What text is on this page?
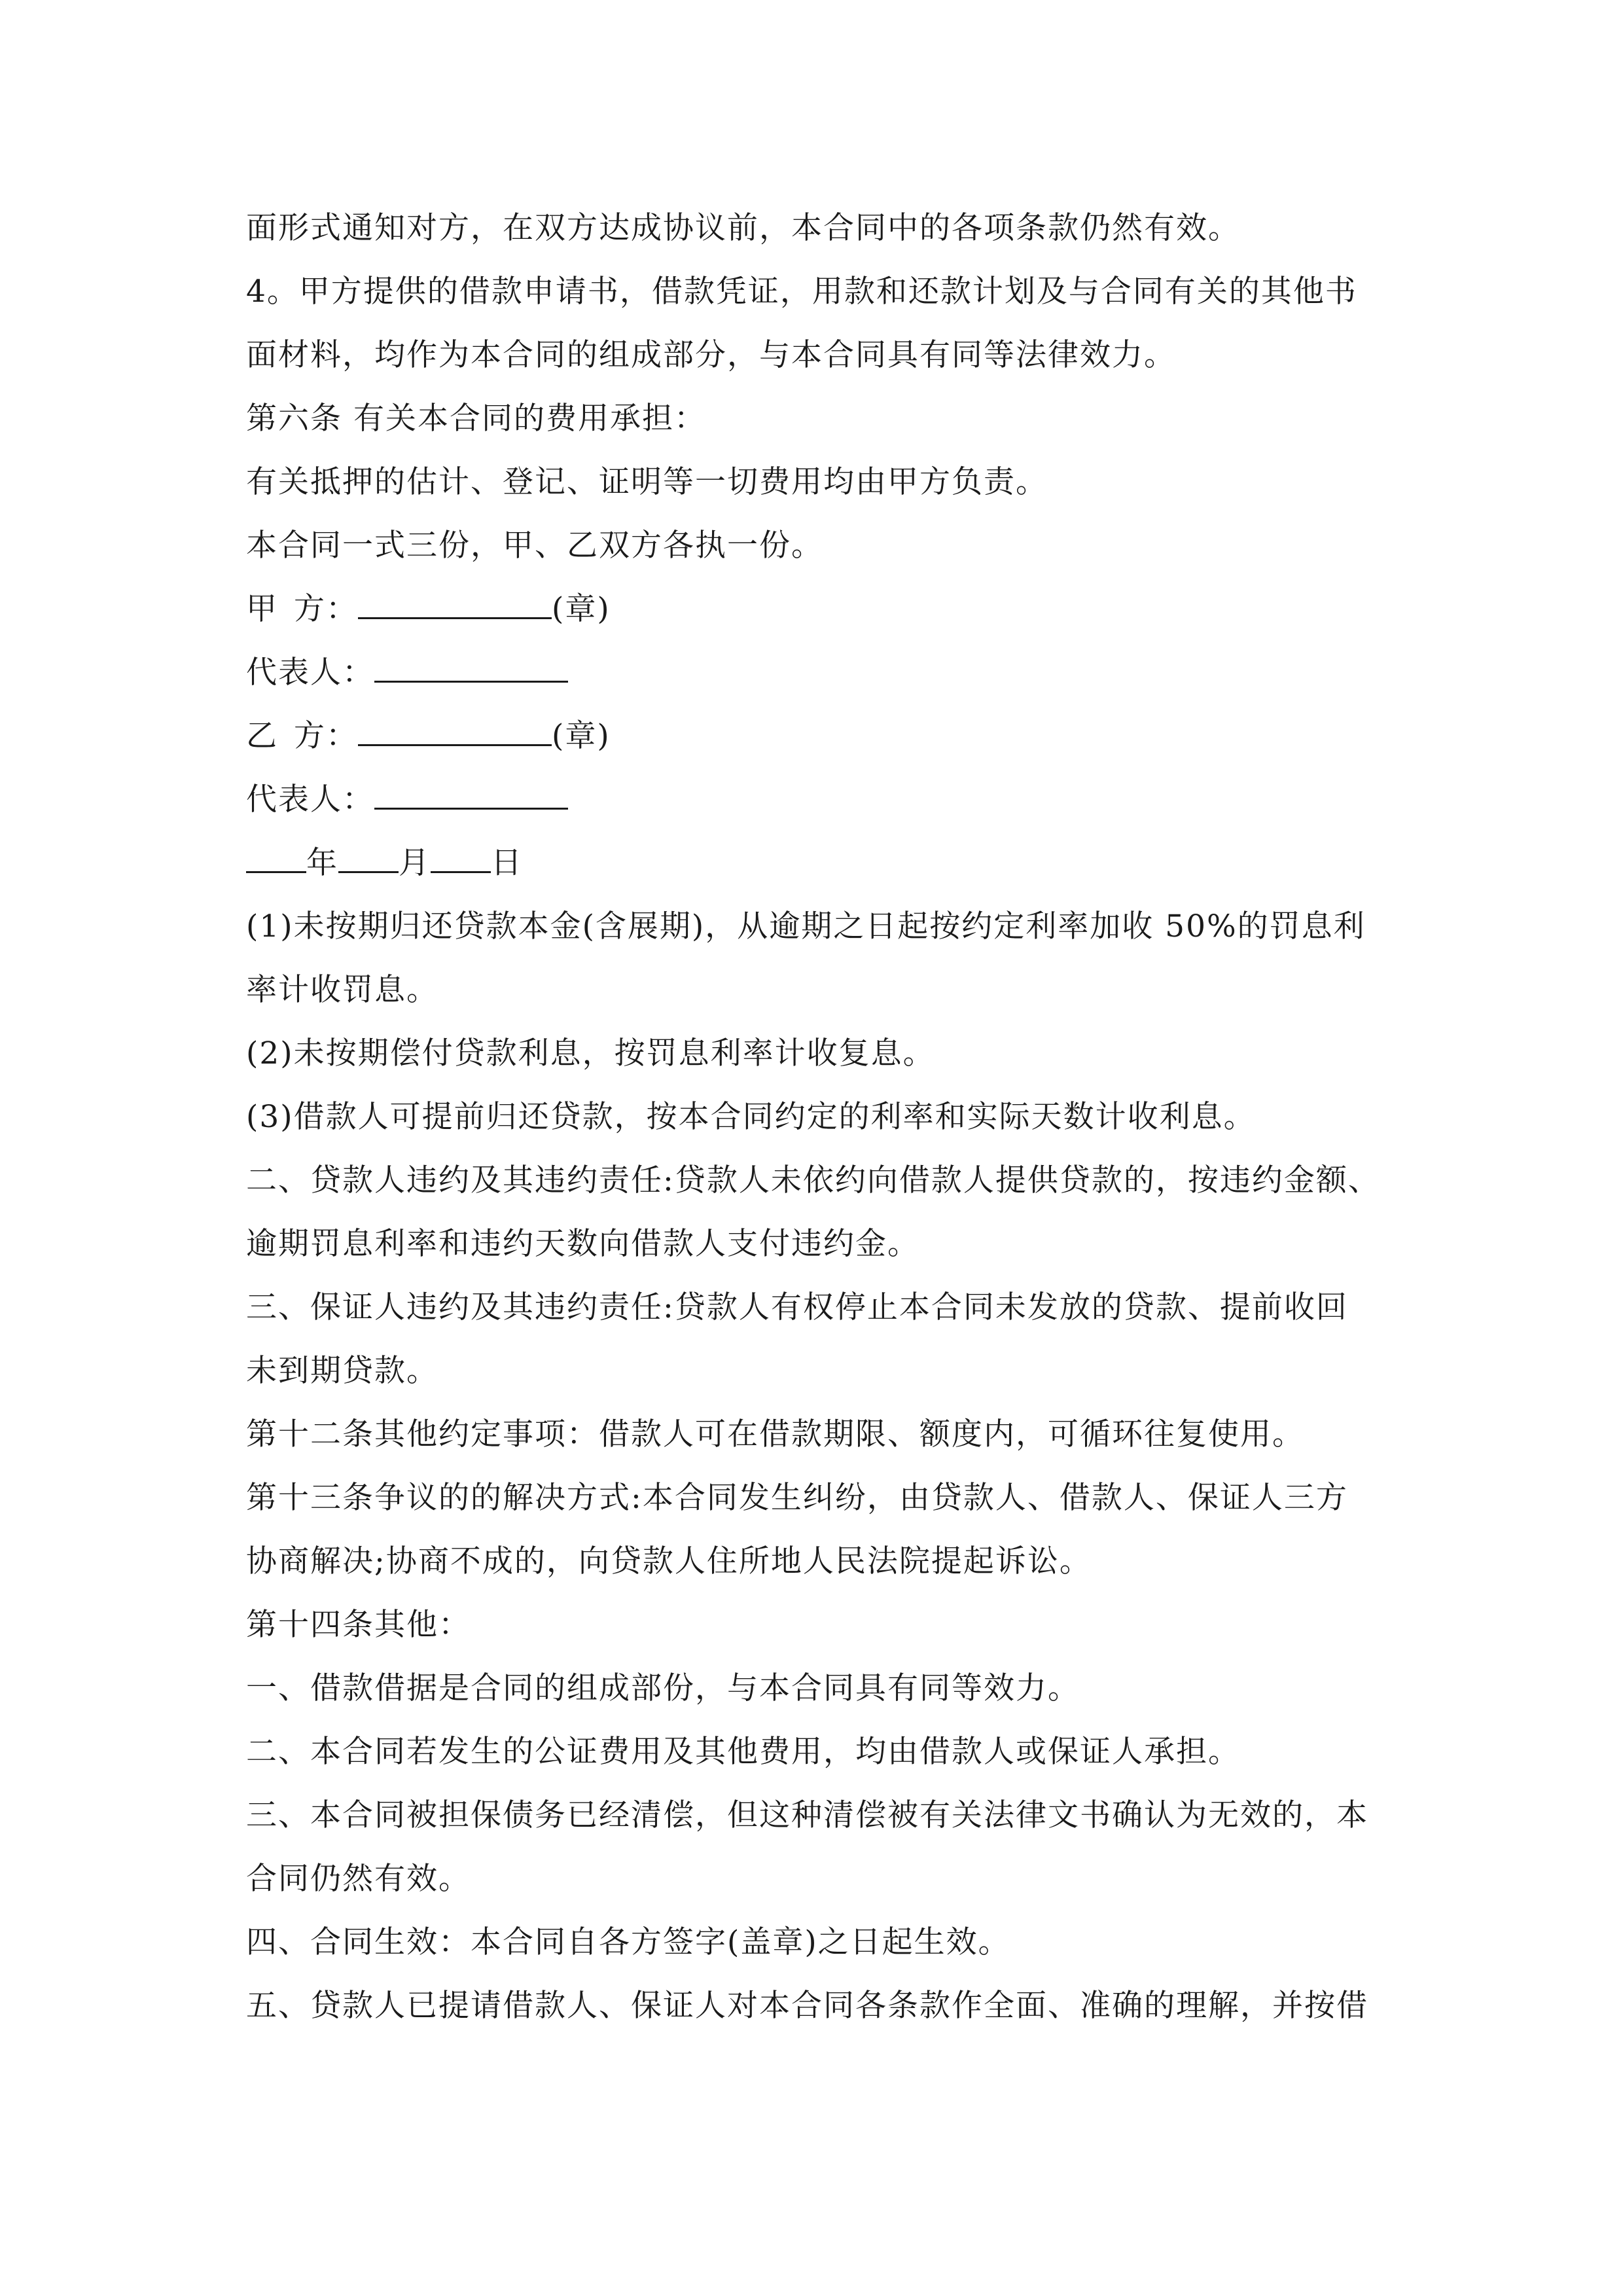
面形式通知对方，在双方达成协议前，本合同中的各项条款仍然有效。
4。甲方提供的借款申请书，借款凭证，用款和还款计划及与合同有关的其他书
面材料，均作为本合同的组成部分，与本合同具有同等法律效力。
第六条 有关本合同的费用承担：
有关抵押的估计、登记、证明等一切费用均由甲方负责。
本合同一式三份，甲、乙双方各执一份。
甲 方：	(章)
代表人：
乙 方：	(章)
代表人：
年 月 日
(1)未按期归还贷款本金(含展期)，从逾期之日起按约定利率加收 50%的罚息利
率计收罚息。
(2)未按期偿付贷款利息，按罚息利率计收复息。
(3)借款人可提前归还贷款，按本合同约定的利率和实际天数计收利息。
二、贷款人违约及其违约责任:贷款人未依约向借款人提供贷款的，按违约金额、
逾期罚息利率和违约天数向借款人支付违约金。
三、保证人违约及其违约责任:贷款人有权停止本合同未发放的贷款、提前收回
未到期贷款。
第十二条其他约定事项：借款人可在借款期限、额度内，可循环往复使用。
第十三条争议的的解决方式:本合同发生纠纷，由贷款人、借款人、保证人三方
协商解决;协商不成的，向贷款人住所地人民法院提起诉讼。
第十四条其他：
一、借款借据是合同的组成部份，与本合同具有同等效力。
二、本合同若发生的公证费用及其他费用，均由借款人或保证人承担。
三、本合同被担保债务已经清偿，但这种清偿被有关法律文书确认为无效的，本
合同仍然有效。
四、合同生效：本合同自各方签字(盖章)之日起生效。
五、贷款人已提请借款人、保证人对本合同各条款作全面、准确的理解，并按借
